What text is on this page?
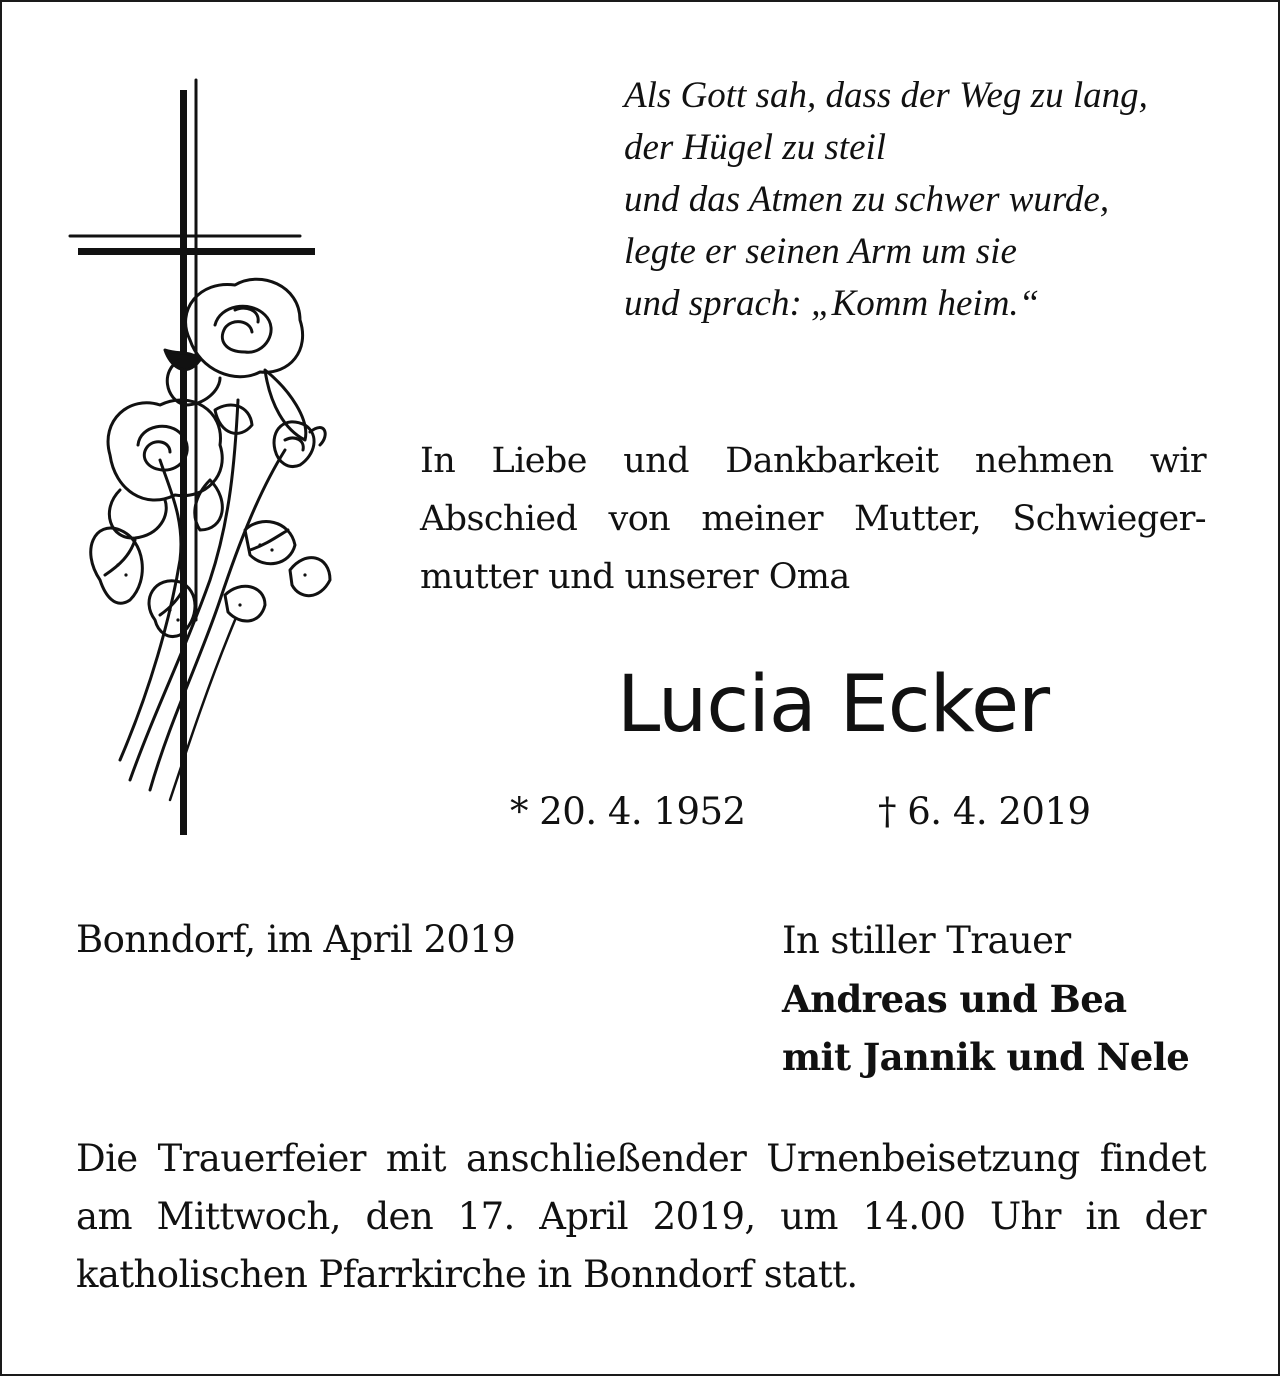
Als Gott sah, dass der Weg zu lang,
der Hügel zu steil
und das Atmen zu schwer wurde,
legte er seinen Arm um sie
und sprach: „Komm heim.“
In Liebe und Dankbarkeit nehmen wir
Abschied von meiner Mutter, Schwieger-
mutter und unserer Oma
Lucia Ecker
* 20. 4. 1952	† 6. 4. 2019
Bonndorf, im April 2019	In stiller Trauer
Andreas und Bea
mit Jannik und Nele
Die Trauerfeier mit anschließender Urnenbeisetzung findet
am Mittwoch, den 17. April 2019, um 14.00 Uhr in der
katholischen Pfarrkirche in Bonndorf statt.
